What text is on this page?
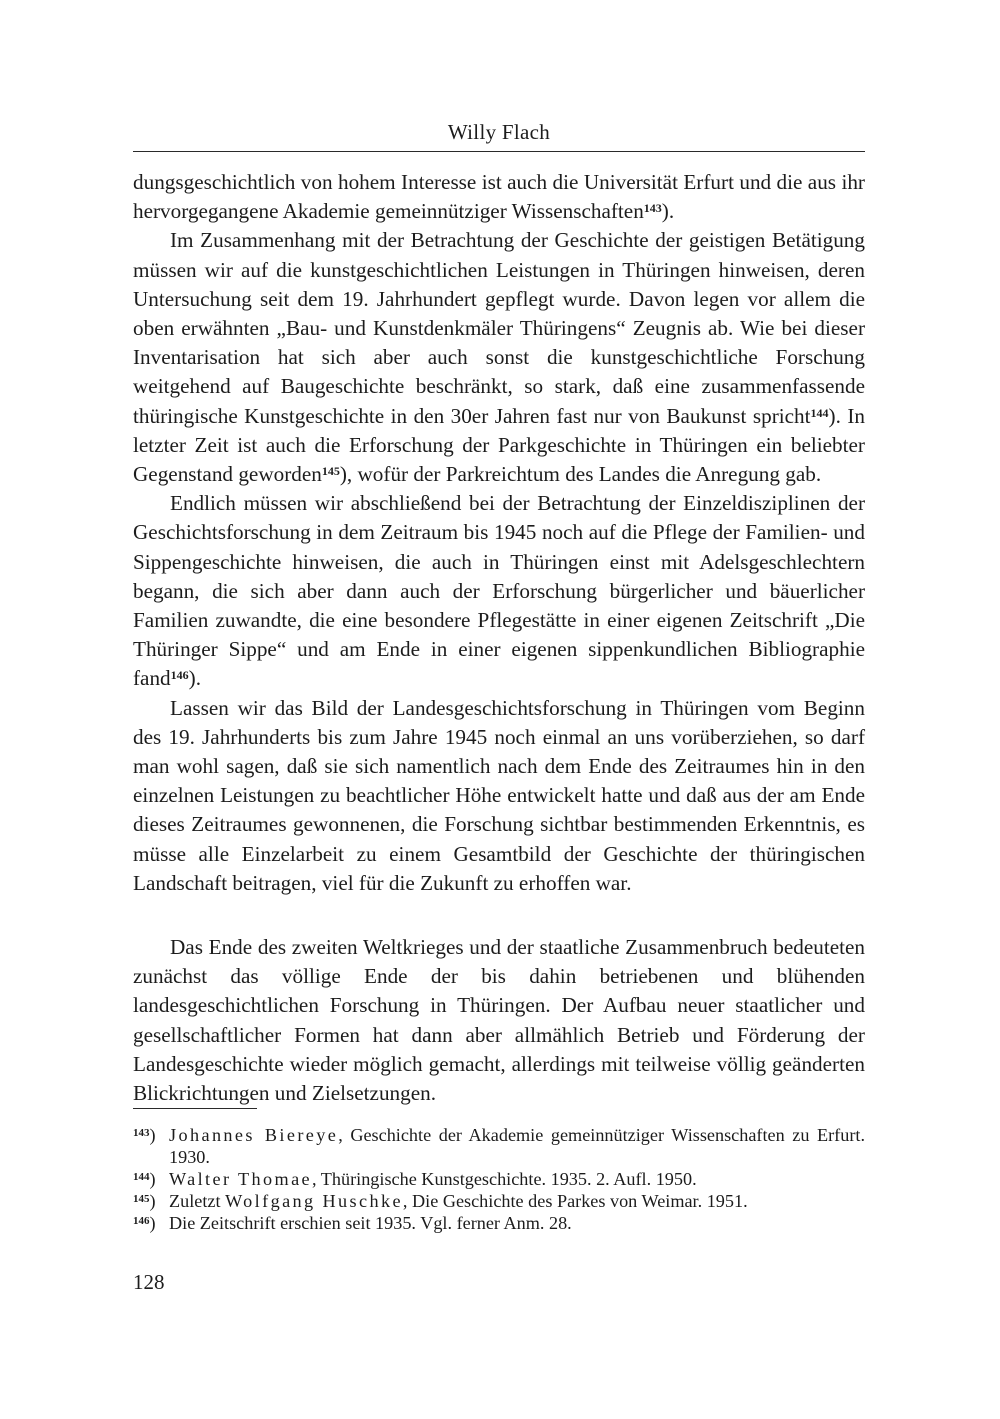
Willy Flach

dungsgeschichtlich von hohem Interesse ist auch die Universität Erfurt und die aus ihr hervorgegangene Akademie gemeinnütziger Wissenschaften$^{143}$).

Im Zusammenhang mit der Betrachtung der Geschichte der geistigen Betätigung müssen wir auf die kunstgeschichtlichen Leistungen in Thüringen hinweisen, deren Untersuchung seit dem 19. Jahrhundert gepflegt wurde. Davon legen vor allem die oben erwähnten „Bau- und Kunstdenkmäler Thüringens“ Zeugnis ab. Wie bei dieser Inventarisation hat sich aber auch sonst die kunstgeschichtliche Forschung weitgehend auf Baugeschichte beschränkt, so stark, daß eine zusammenfassende thüringische Kunstgeschichte in den 30er Jahren fast nur von Baukunst spricht$^{144}$). In letzter Zeit ist auch die Erforschung der Parkgeschichte in Thüringen ein beliebter Gegenstand geworden$^{145}$), wofür der Parkreichtum des Landes die Anregung gab.

Endlich müssen wir abschließend bei der Betrachtung der Einzeldisziplinen der Geschichtsforschung in dem Zeitraum bis 1945 noch auf die Pflege der Familien- und Sippengeschichte hinweisen, die auch in Thüringen einst mit Adelsgeschlechtern begann, die sich aber dann auch der Erforschung bürgerlicher und bäuerlicher Familien zuwandte, die eine besondere Pflegestätte in einer eigenen Zeitschrift „Die Thüringer Sippe“ und am Ende in einer eigenen sippenkundlichen Bibliographie fand$^{146}$).

Lassen wir das Bild der Landesgeschichtsforschung in Thüringen vom Beginn des 19. Jahrhunderts bis zum Jahre 1945 noch einmal an uns vorüberziehen, so darf man wohl sagen, daß sie sich namentlich nach dem Ende des Zeitraumes hin in den einzelnen Leistungen zu beachtlicher Höhe entwickelt hatte und daß aus der am Ende dieses Zeitraumes gewonnenen, die Forschung sichtbar bestimmenden Erkenntnis, es müsse alle Einzelarbeit zu einem Gesamtbild der Geschichte der thüringischen Landschaft beitragen, viel für die Zukunft zu erhoffen war.

Das Ende des zweiten Weltkrieges und der staatliche Zusammenbruch bedeuteten zunächst das völlige Ende der bis dahin betriebenen und blühenden landesgeschichtlichen Forschung in Thüringen. Der Aufbau neuer staatlicher und gesellschaftlicher Formen hat dann aber allmählich Betrieb und Förderung der Landesgeschichte wieder möglich gemacht, allerdings mit teilweise völlig geänderten Blickrichtungen und Zielsetzungen.

$^{143}$) Johannes Biereye, Geschichte der Akademie gemeinnütziger Wissenschaften zu Erfurt. 1930.
$^{144}$) Walter Thomae, Thüringische Kunstgeschichte. 1935. 2. Aufl. 1950.
$^{145}$) Zuletzt Wolfgang Huschke, Die Geschichte des Parkes von Weimar. 1951.
$^{146}$) Die Zeitschrift erschien seit 1935. Vgl. ferner Anm. 28.
128
